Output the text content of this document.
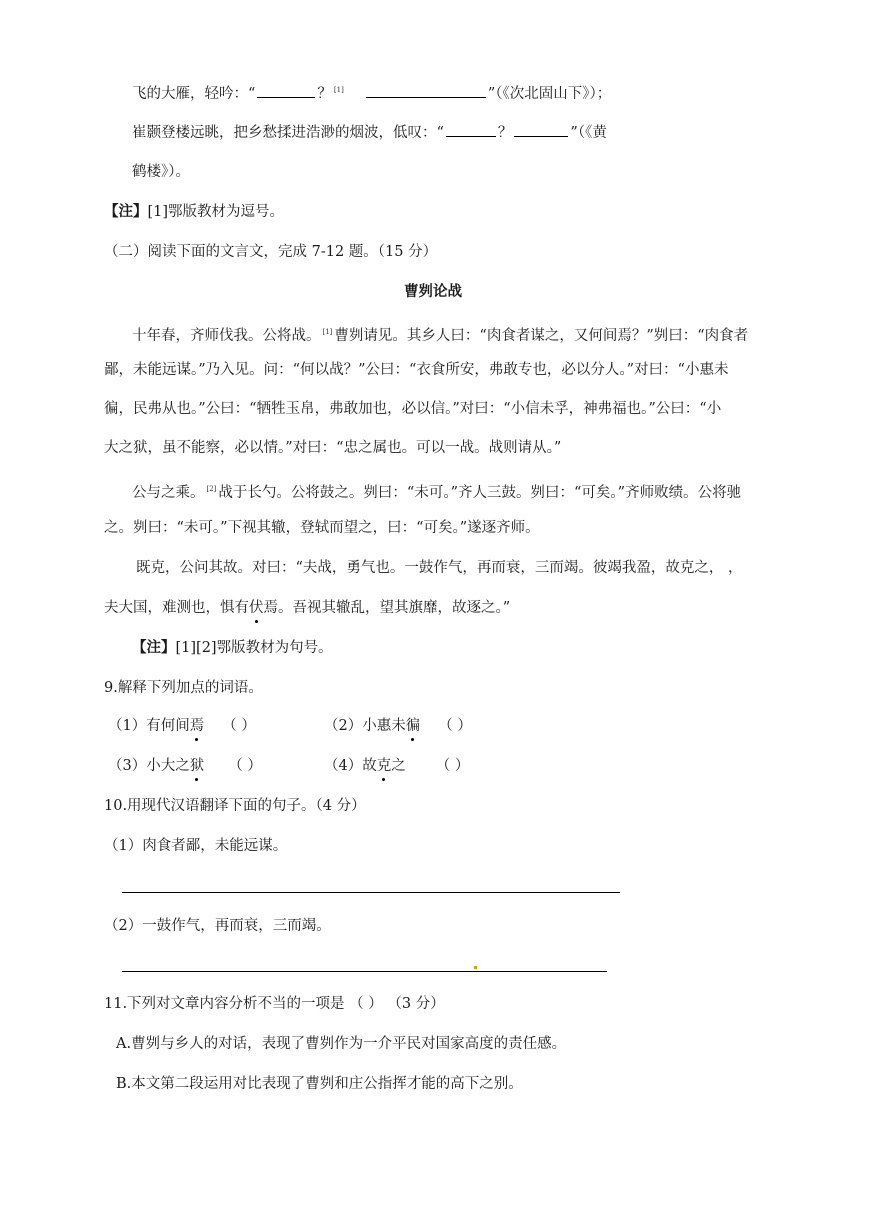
飞的大雁，轻吟：“	？ [1]	”（《次北固山下》）；
崔颢登楼远眺，把乡愁揉进浩渺的烟波，低叹：“	？	”（《黄
鹤楼》）。
【注】[1]鄂版教材为逗号。
（二）阅读下面的文言文，完成 7-12 题。（15 分）
曹刿论战
十年春，齐师伐我。公将战。 [1] 曹刿请见。其乡人曰：“肉食者谋之，又何间焉？”刿曰：“肉食者
鄙，未能远谋。”乃入见。问：“何以战？”公曰：“衣食所安，弗敢专也，必以分人。”对曰：“小惠未
徧，民弗从也。”公曰：“牺牲玉帛，弗敢加也，必以信。”对曰：“小信未孚，神弗福也。”公曰：“小
大之狱，虽不能察，必以情。”对曰：“忠之属也。可以一战。战则请从。”
公与之乘。 [2] 战于长勺。公将鼓之。刿曰：“未可。”齐人三鼓。刿曰：“可矣。”齐师败绩。公将驰
之。刿曰：“未可。”下视其辙，登轼而望之，曰：“可矣。”遂逐齐师。
既克，公问其故。对曰：“夫战，勇气也。一鼓作气，再而衰，三而竭。彼竭我盈，故克之， ，
夫大国，难测也，惧有伏焉。吾视其辙乱，望其旗靡，故逐之。”
【注】[1][2]鄂版教材为句号。
9.解释下列加点的词语。
（1）有何间焉 （ ）	（2）小惠未徧 （ ）
（3）小大之狱 （ ）	（4）故克之 （ ）
10.用现代汉语翻译下面的句子。（4 分）
（1）肉食者鄙，未能远谋。
（2）一鼓作气，再而衰，三而竭。
11.下列对文章内容分析不当的一项是 （ ） （3 分）
A.曹刿与乡人的对话，表现了曹刿作为一介平民对国家高度的责任感。
B.本文第二段运用对比表现了曹刿和庄公指挥才能的高下之别。
